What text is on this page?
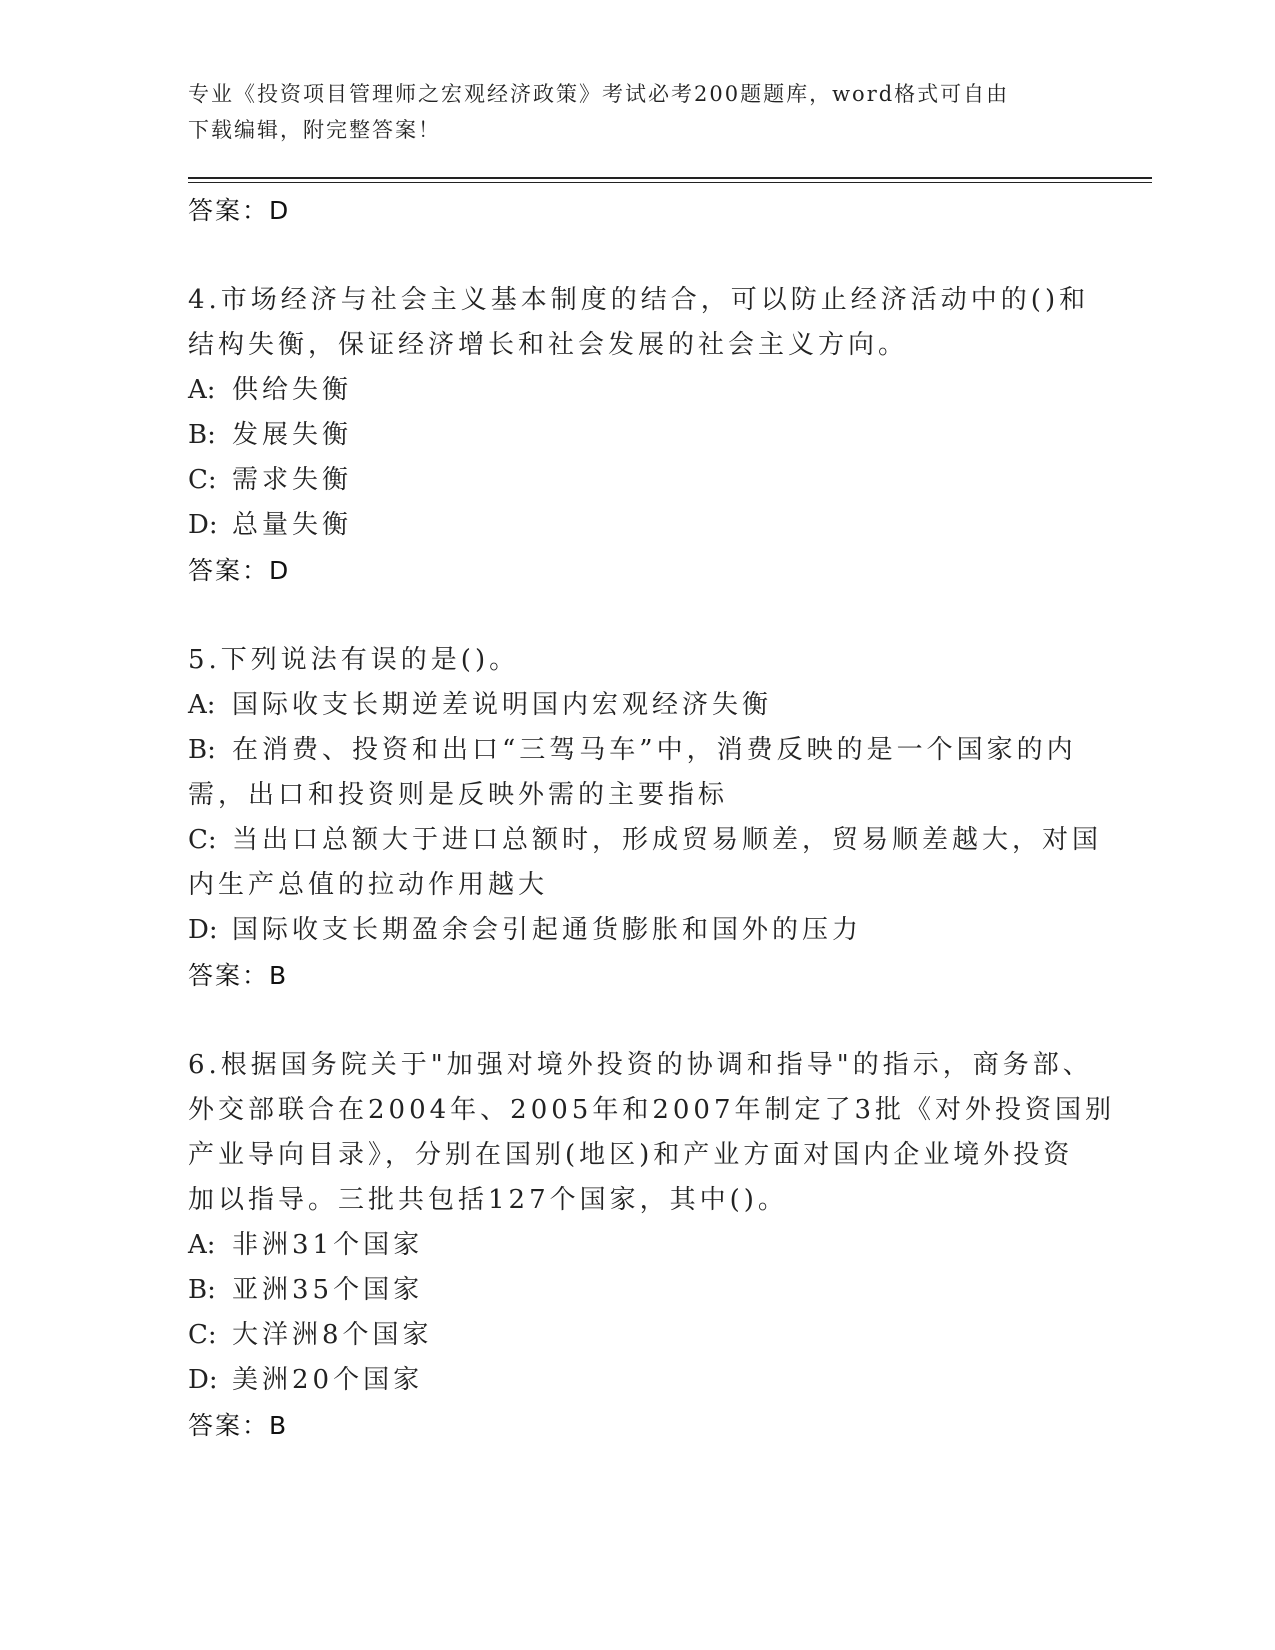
专业《投资项目管理师之宏观经济政策》考试必考200题题库，word格式可自由
下载编辑，附完整答案！
答案：D
4.市场经济与社会主义基本制度的结合，可以防止经济活动中的()和
结构失衡，保证经济增长和社会发展的社会主义方向。
A: 供给失衡
B: 发展失衡
C: 需求失衡
D: 总量失衡
答案：D
5.下列说法有误的是()。
A: 国际收支长期逆差说明国内宏观经济失衡
B: 在消费、投资和出口“三驾马车”中，消费反映的是一个国家的内
需，出口和投资则是反映外需的主要指标
C: 当出口总额大于进口总额时，形成贸易顺差，贸易顺差越大，对国
内生产总值的拉动作用越大
D: 国际收支长期盈余会引起通货膨胀和国外的压力
答案：B
6.根据国务院关于"加强对境外投资的协调和指导"的指示，商务部、
外交部联合在2004年、2005年和2007年制定了3批《对外投资国别
产业导向目录》，分别在国别(地区)和产业方面对国内企业境外投资
加以指导。三批共包括127个国家，其中()。
A: 非洲31个国家
B: 亚洲35个国家
C: 大洋洲8个国家
D: 美洲20个国家
答案：B
